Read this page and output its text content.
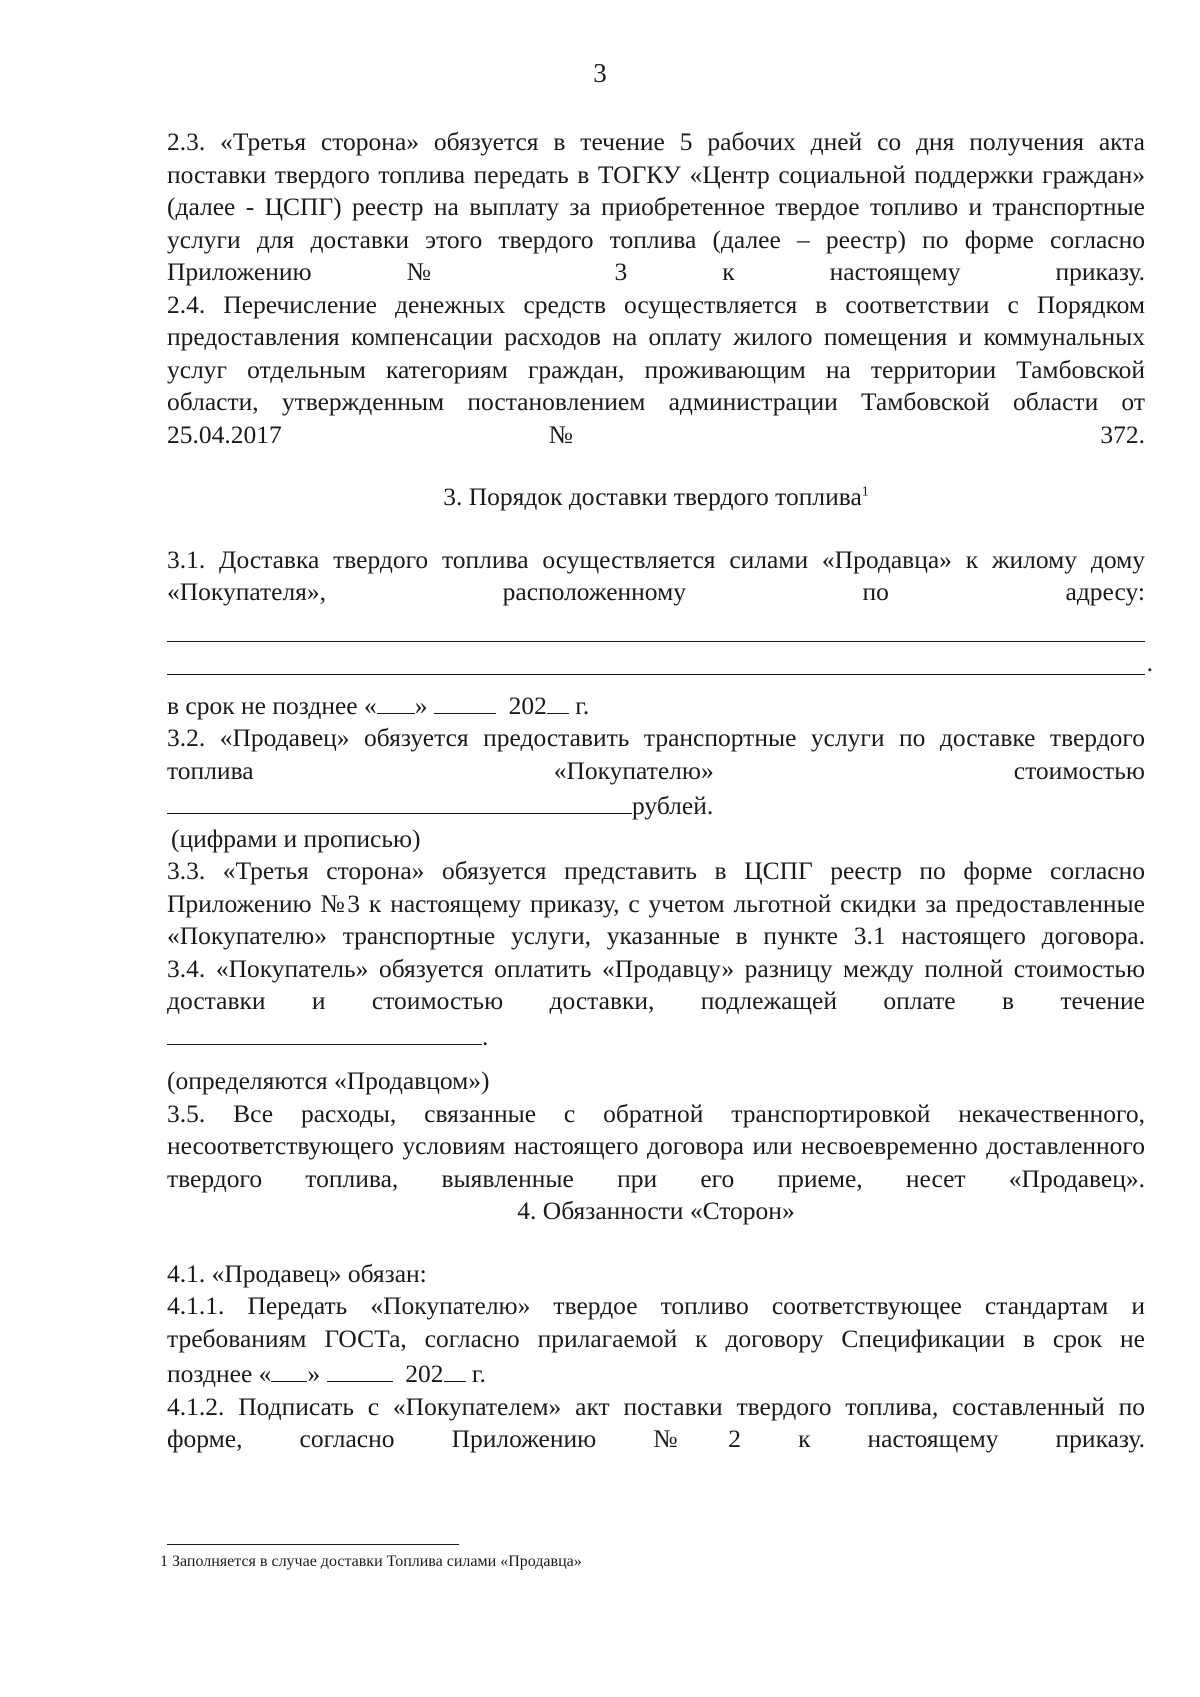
3

2.3. «Третья сторона» обязуется в течение 5 рабочих дней со дня получения акта поставки твердого топлива передать в ТОГКУ «Центр социальной поддержки граждан» (далее - ЦСПГ) реестр на выплату за приобретенное твердое топливо и транспортные услуги для доставки этого твердого топлива (далее – реестр) по форме согласно Приложению № 3 к настоящему приказу.

2.4. Перечисление денежных средств осуществляется в соответствии с Порядком предоставления компенсации расходов на оплату жилого помещения и коммунальных услуг отдельным категориям граждан, проживающим на территории Тамбовской области, утвержденным постановлением администрации Тамбовской области от 25.04.2017 № 372.

3. Порядок доставки твердого топлива$^1$

3.1. Доставка твердого топлива осуществляется силами «Продавца» к жилому дому «Покупателя», расположенному по адресу:

.

в срок не позднее « »	202 г.

3.2. «Продавец» обязуется предоставить транспортные услуги по доставке твердого топлива «Покупателю» стоимостью

рублей.

(цифрами и прописью)

3.3. «Третья сторона» обязуется представить в ЦСПГ реестр по форме согласно Приложению №3 к настоящему приказу, с учетом льготной скидки за предоставленные «Покупателю» транспортные услуги, указанные в пункте 3.1 настоящего договора.

3.4. «Покупатель» обязуется оплатить «Продавцу» разницу между полной стоимостью доставки и стоимостью доставки, подлежащей оплате в течение

.

(определяются «Продавцом»)

3.5. Все расходы, связанные с обратной транспортировкой некачественного, несоответствующего условиям настоящего договора или несвоевременно доставленного твердого топлива, выявленные при его приеме, несет «Продавец».

4. Обязанности «Сторон»

4.1. «Продавец» обязан:

4.1.1. Передать «Покупателю» твердое топливо соответствующее стандартам и требованиям ГОСТа, согласно прилагаемой к договору Спецификации в срок не

позднее « »	202 г.

4.1.2. Подписать с «Покупателем» акт поставки твердого топлива, составленный по форме, согласно Приложению №2 к настоящему приказу.

1 Заполняется в случае доставки Топлива силами «Продавца»
